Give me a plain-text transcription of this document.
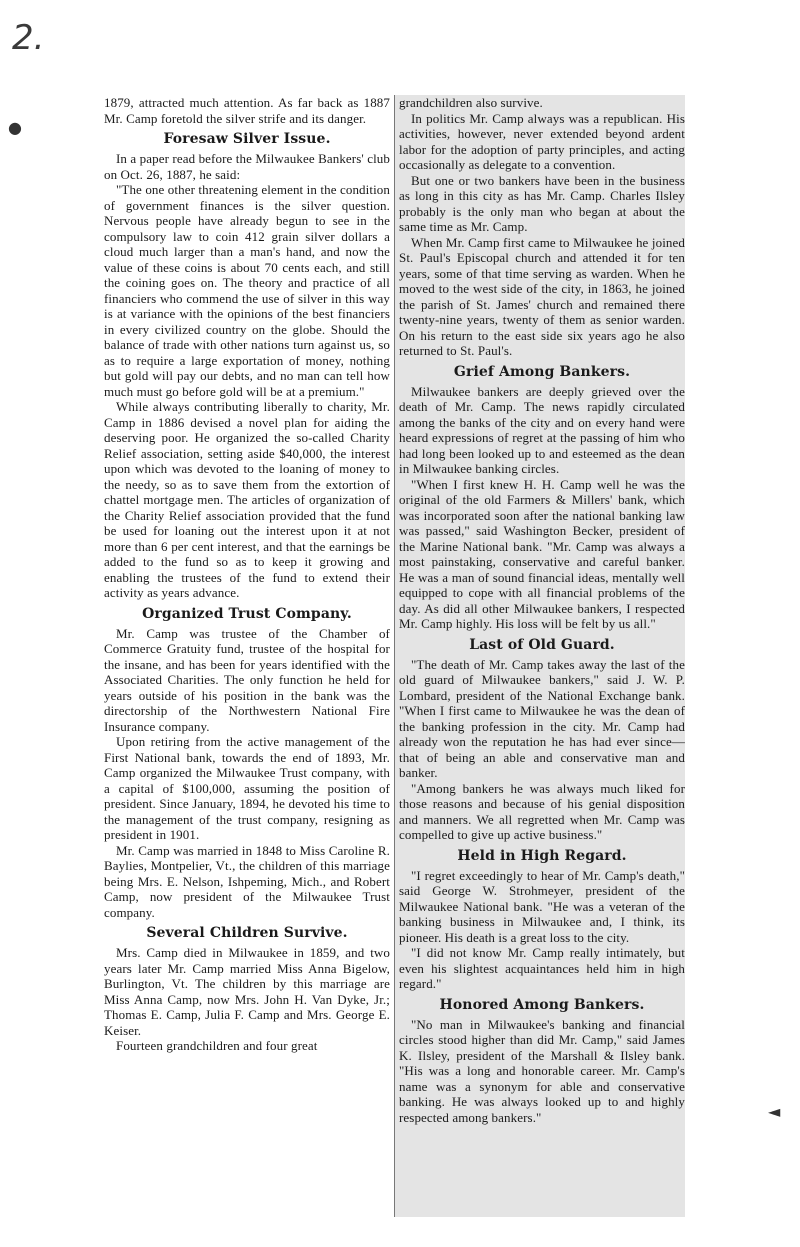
2.
●
◄

1879, attracted much attention. As far back as 1887 Mr. Camp foretold the silver strife and its danger.

Foresaw Silver Issue.

In a paper read before the Milwaukee Bankers' club on Oct. 26, 1887, he said:

"The one other threatening element in the condition of government finances is the silver question. Nervous people have already begun to see in the compulsory law to coin 412 grain silver dollars a cloud much larger than a man's hand, and now the value of these coins is about 70 cents each, and still the coining goes on. The theory and practice of all financiers who commend the use of silver in this way is at variance with the opinions of the best financiers in every civilized country on the globe. Should the balance of trade with other nations turn against us, so as to require a large exportation of money, nothing but gold will pay our debts, and no man can tell how much must go before gold will be at a premium."

While always contributing liberally to charity, Mr. Camp in 1886 devised a novel plan for aiding the deserving poor. He organized the so-called Charity Relief association, setting aside $40,000, the interest upon which was devoted to the loaning of money to the needy, so as to save them from the extortion of chattel mortgage men. The articles of organization of the Charity Relief association provided that the fund be used for loaning out the interest upon it at not more than 6 per cent interest, and that the earnings be added to the fund so as to keep it growing and enabling the trustees of the fund to extend their activity as years advance.

Organized Trust Company.

Mr. Camp was trustee of the Chamber of Commerce Gratuity fund, trustee of the hospital for the insane, and has been for years identified with the Associated Charities. The only function he held for years outside of his position in the bank was the directorship of the Northwestern National Fire Insurance company.

Upon retiring from the active management of the First National bank, towards the end of 1893, Mr. Camp organized the Milwaukee Trust company, with a capital of $100,000, assuming the position of president. Since January, 1894, he devoted his time to the management of the trust company, resigning as president in 1901.

Mr. Camp was married in 1848 to Miss Caroline R. Baylies, Montpelier, Vt., the children of this marriage being Mrs. E. Nelson, Ishpeming, Mich., and Robert Camp, now president of the Milwaukee Trust company.

Several Children Survive.

Mrs. Camp died in Milwaukee in 1859, and two years later Mr. Camp married Miss Anna Bigelow, Burlington, Vt. The children by this marriage are Miss Anna Camp, now Mrs. John H. Van Dyke, Jr.; Thomas E. Camp, Julia F. Camp and Mrs. George E. Keiser.

Fourteen grandchildren and four great

grandchildren also survive.

In politics Mr. Camp always was a republican. His activities, however, never extended beyond ardent labor for the adoption of party principles, and acting occasionally as delegate to a convention.

But one or two bankers have been in the business as long in this city as has Mr. Camp. Charles Ilsley probably is the only man who began at about the same time as Mr. Camp.

When Mr. Camp first came to Milwaukee he joined St. Paul's Episcopal church and attended it for ten years, some of that time serving as warden. When he moved to the west side of the city, in 1863, he joined the parish of St. James' church and remained there twenty-nine years, twenty of them as senior warden. On his return to the east side six years ago he also returned to St. Paul's.

Grief Among Bankers.

Milwaukee bankers are deeply grieved over the death of Mr. Camp. The news rapidly circulated among the banks of the city and on every hand were heard expressions of regret at the passing of him who had long been looked up to and esteemed as the dean in Milwaukee banking circles.

"When I first knew H. H. Camp well he was the original of the old Farmers & Millers' bank, which was incorporated soon after the national banking law was passed," said Washington Becker, president of the Marine National bank. "Mr. Camp was always a most painstaking, conservative and careful banker. He was a man of sound financial ideas, mentally well equipped to cope with all financial problems of the day. As did all other Milwaukee bankers, I respected Mr. Camp highly. His loss will be felt by us all."

Last of Old Guard.

"The death of Mr. Camp takes away the last of the old guard of Milwaukee bankers," said J. W. P. Lombard, president of the National Exchange bank. "When I first came to Milwaukee he was the dean of the banking profession in the city. Mr. Camp had already won the reputation he has had ever since—that of being an able and conservative man and banker.

"Among bankers he was always much liked for those reasons and because of his genial disposition and manners. We all regretted when Mr. Camp was compelled to give up active business."

Held in High Regard.

"I regret exceedingly to hear of Mr. Camp's death," said George W. Strohmeyer, president of the Milwaukee National bank. "He was a veteran of the banking business in Milwaukee and, I think, its pioneer. His death is a great loss to the city.

"I did not know Mr. Camp really intimately, but even his slightest acquaintances held him in high regard."

Honored Among Bankers.

"No man in Milwaukee's banking and financial circles stood higher than did Mr. Camp," said James K. Ilsley, president of the Marshall & Ilsley bank. "His was a long and honorable career. Mr. Camp's name was a synonym for able and conservative banking. He was always looked up to and highly respected among bankers."
